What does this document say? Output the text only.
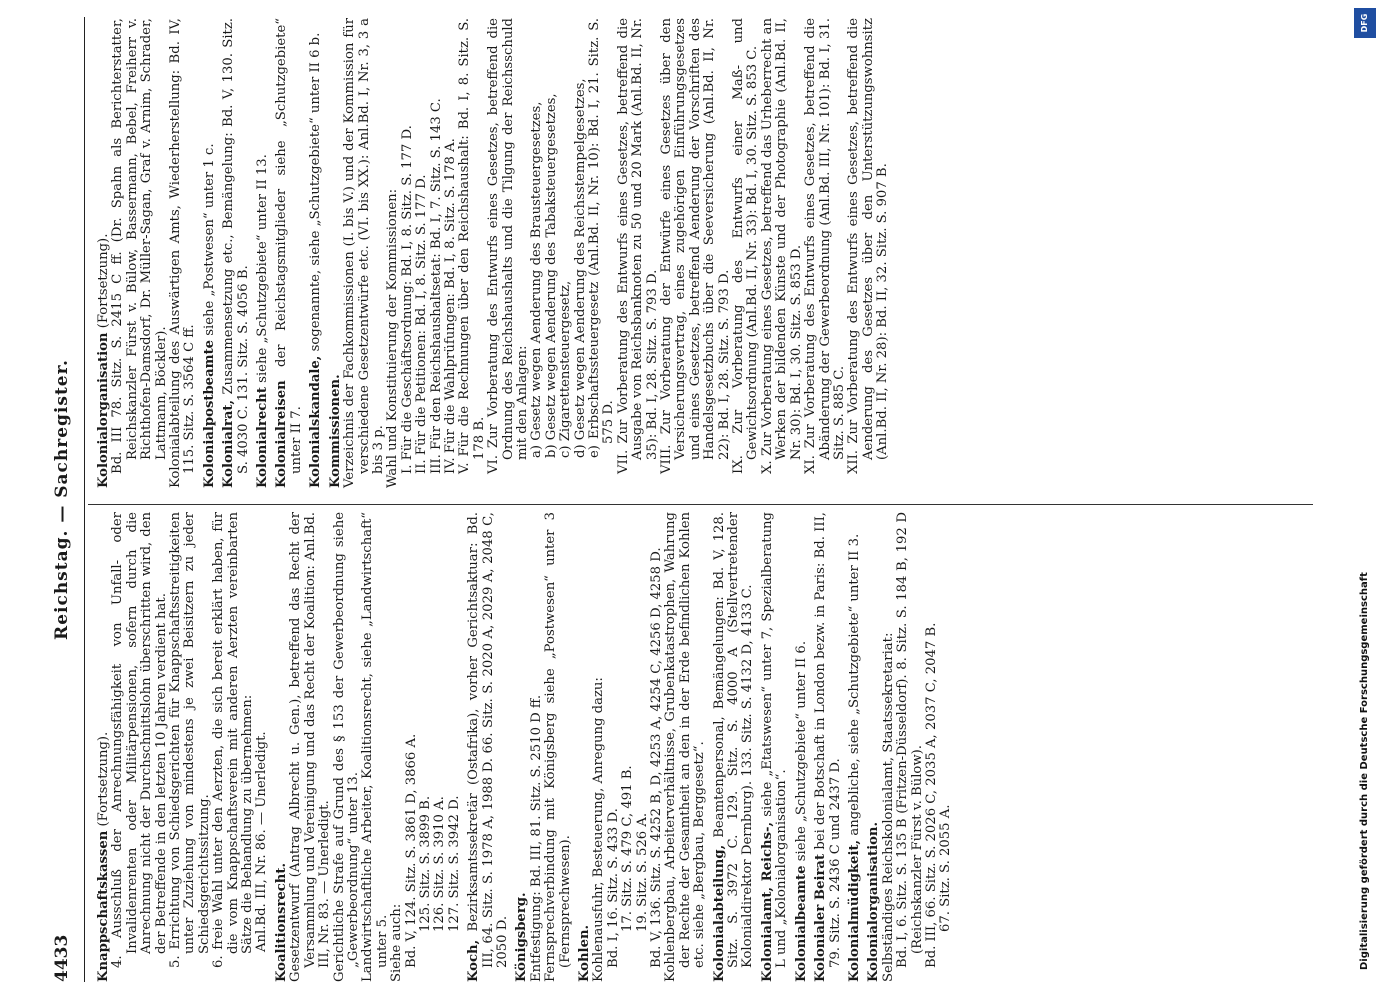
4433
Reichstag. — Sachregister.

Knappschaftskassen (Fortsetzung). 4. Ausschluß der Anrechnungsfähigkeit von Unfall- oder Invalidenrenten oder Militärpensionen, sofern durch die Anrechnung nicht der Durchschnittslohn überschritten wird, den der Betreffende in den letzten 10 Jahren verdient hat. 5. Errichtung von Schiedsgerichten für Knappschaftsstreitigkeiten unter Zuziehung von mindestens je zwei Beisitzern zu jeder Schiedsgerichtssitzung. 6. freie Wahl unter den Aerzten, die sich bereit erklärt haben, für die vom Knappschaftsverein mit anderen Aerzten vereinbarten Sätze die Behandlung zu übernehmen: Anl.Bd. III, Nr. 86. — Unerledigt. Koalitionsrecht. Gesetzentwurf (Antrag Albrecht u. Gen.), betreffend das Recht der Versammlung und Vereinigung und das Recht der Koalition: Anl.Bd. III, Nr. 83. — Unerledigt. Gerichtliche Strafe auf Grund des § 153 der Gewerbeordnung siehe „Gewerbeordnung“ unter 13. Landwirtschaftliche Arbeiter, Koalitionsrecht, siehe „Landwirtschaft“ unter 5. Siehe auch: Bd. V, 124. Sitz. S. 3861 D, 3866 A. 125. Sitz. S. 3899 B. 126. Sitz. S. 3910 A. 127. Sitz. S. 3942 D.

Koch, Bezirksamtssekretär (Ostafrika), vorher Gerichtsaktuar: Bd. III, 64. Sitz. S. 1978 A, 1988 D. 66. Sitz. S. 2020 A, 2029 A, 2048 C, 2050 D. Königsberg. Entfestigung: Bd. III, 81. Sitz. S. 2510 D ff. Fernsprechverbindung mit Königsberg siehe „Postwesen“ unter 3 (Fernsprechwesen). Kohlen. Kohlenausfuhr, Besteuerung, Anregung dazu: Bd. I, 16. Sitz. S. 433 D. 17. Sitz. S. 479 C, 491 B. 19. Sitz. S. 526 A. Bd. V, 136. Sitz. S. 4252 B, D, 4253 A, 4254 C, 4256 D, 4258 D. Kohlenbergbau, Arbeiterverhältnisse, Grubenkatastrophen, Wahrung der Rechte der Gesamtheit an den in der Erde befindlichen Kohlen etc. siehe „Bergbau, Berggesetz“. Kolonialabteilung, Beamtenpersonal, Bemängelungen: Bd. V, 128. Sitz. S. 3972 C. 129. Sitz. S. 4000 A (Stellvertretender Kolonialdirektor Dernburg). 133. Sitz. S. 4132 D, 4133 C. Kolonialamt, Reichs-, siehe „Etatswesen“ unter 7, Spezialberatung L und „Kolonialorganisation“. Kolonialbeamte siehe „Schutzgebiete“ unter II 6.

Kolonialer Beirat bei der Botschaft in London bezw. in Paris: Bd. III, 79. Sitz. S. 2436 C und 2437 D. Kolonialmüdigkeit, angebliche, siehe „Schutzgebiete“ unter II 3.

Kolonialorganisation. Selbständiges Reichskolonialamt, Staatssekretariat: Bd. I, 6. Sitz. S. 135 B (Fritzen-Düsseldorf). 8. Sitz. S. 184 B, 192 D (Reichskanzler Fürst v. Bülow). Bd. III, 66. Sitz. S. 2026 C, 2035 A, 2037 C, 2047 B. 67. Sitz. S. 2055 A.

Kolonialorganisation (Fortsetzung). Bd. III 78. Sitz. S. 2415 C ff. (Dr. Spahn als Berichterstatter, Reichskanzler Fürst v. Bülow, Bassermann, Bebel, Freiherr v. Richthofen-Damsdorf, Dr. Müller-Sagan, Graf v. Arnim, Schrader, Lattmann, Böckler). Kolonialabteilung des Auswärtigen Amts, Wiederherstellung: Bd. IV, 115. Sitz. S. 3564 C ff. Kolonialpostbeamte siehe „Postwesen“ unter 1 c.

Kolonialrat, Zusammensetzung etc., Bemängelung: Bd. V, 130. Sitz. S. 4030 C. 131. Sitz. S. 4056 B. Kolonialrecht siehe „Schutzgebiete“ unter II 13.

Kolonialreisen der Reichstagsmitglieder siehe „Schutzgebiete“ unter II 7. Kolonialskandale, sogenannte, siehe „Schutzgebiete“ unter II 6 b.

Kommissionen. Verzeichnis der Fachkommissionen (I. bis V.) und der Kommission für verschiedene Gesetzentwürfe etc. (VI. bis XX.): Anl.Bd. I, Nr. 3, 3 a bis 3 p. Wahl und Konstituierung der Kommissionen: I. Für die Geschäftsordnung: Bd. I, 8. Sitz. S. 177 D. II. Für die Petitionen: Bd. I, 8. Sitz. S. 177 D. III. Für den Reichshaushaltsetat: Bd. I, 7. Sitz. S. 143 C. IV. Für die Wahlprüfungen: Bd. I, 8. Sitz. S. 178 A. V. Für die Rechnungen über den Reichshaushalt: Bd. I, 8. Sitz. S. 178 B. VI. Zur Vorberatung des Entwurfs eines Gesetzes, betreffend die Ordnung des Reichshaushalts und die Tilgung der Reichsschuld mit den Anlagen: a) Gesetz wegen Aenderung des Brausteuergesetzes, b) Gesetz wegen Aenderung des Tabaksteuergesetzes, c) Zigarettensteuergesetz, d) Gesetz wegen Aenderung des Reichsstempelgesetzes, e) Erbschaftssteuergesetz (Anl.Bd. II, Nr. 10): Bd. I, 21. Sitz. S. 575 D. VII. Zur Vorberatung des Entwurfs eines Gesetzes, betreffend die Ausgabe von Reichsbanknoten zu 50 und 20 Mark (Anl.Bd. II, Nr. 35): Bd. I, 28. Sitz. S. 793 D. VIII. Zur Vorberatung der Entwürfe eines Gesetzes über den Versicherungsvertrag, eines zugehörigen Einführungsgesetzes und eines Gesetzes, betreffend Aenderung der Vorschriften des Handelsgesetzbuchs über die Seeversicherung (Anl.Bd. II, Nr. 22): Bd. I, 28. Sitz. S. 793 D. IX. Zur Vorberatung des Entwurfs einer Maß- und Gewichtsordnung (Anl.Bd. II, Nr. 33): Bd. I, 30. Sitz. S. 853 C. X. Zur Vorberatung eines Gesetzes, betreffend das Urheberrecht an Werken der bildenden Künste und der Photographie (Anl.Bd. II, Nr. 30): Bd. I, 30. Sitz. S. 853 D. XI. Zur Vorberatung des Entwurfs eines Gesetzes, betreffend die Abänderung der Gewerbeordnung (Anl.Bd. III, Nr. 101): Bd. I, 31. Sitz. S. 885 C. XII. Zur Vorberatung des Entwurfs eines Gesetzes, betreffend die Aenderung des Gesetzes über den Unterstützungswohnsitz (Anl.Bd. II, Nr. 28): Bd. II, 32. Sitz. S. 907 B.

DFG
Digitalisierung gefördert durch die Deutsche Forschungsgemeinschaft
